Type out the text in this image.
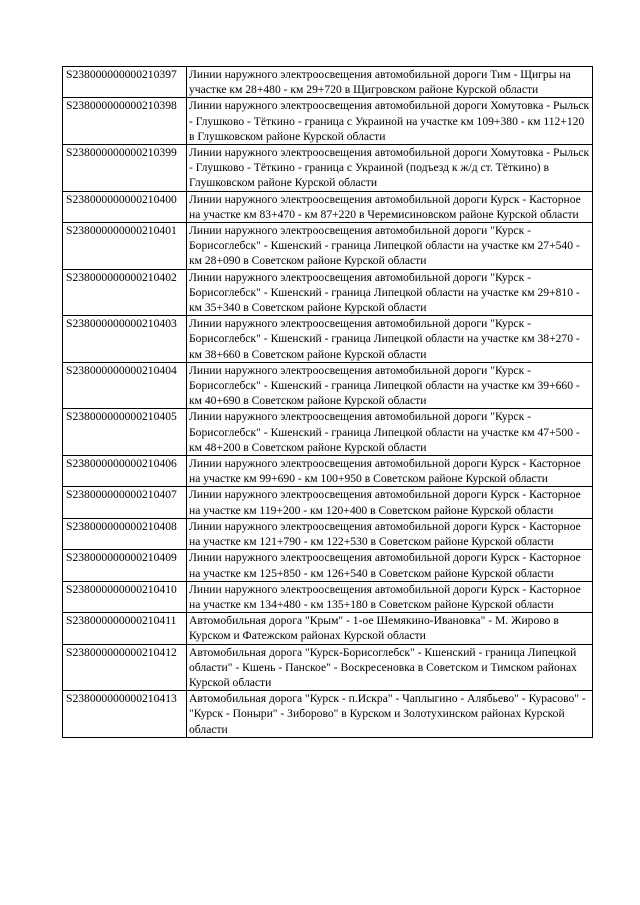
S238000000000210397	Линии наружного электроосвещения автомобильной дороги Тим - Щигры на участке км 28+480 - км 29+720 в Щигровском районе Курской области
S238000000000210398	Линии наружного электроосвещения автомобильной дороги Хомутовка - Рыльск - Глушково - Тёткино - граница с Украиной на участке км 109+380 - км 112+120 в Глушковском районе Курской области
S238000000000210399	Линии наружного электроосвещения автомобильной дороги Хомутовка - Рыльск - Глушково - Тёткино - граница с Украиной (подъезд к ж/д ст. Тёткино) в Глушковском районе Курской области
S238000000000210400	Линии наружного электроосвещения автомобильной дороги Курск - Касторное на участке км 83+470 - км 87+220 в Черемисиновском районе Курской области
S238000000000210401	Линии наружного электроосвещения автомобильной дороги "Курск - Борисоглебск" - Кшенский - граница Липецкой области на участке км 27+540 - км 28+090 в Советском районе Курской области
S238000000000210402	Линии наружного электроосвещения автомобильной дороги "Курск - Борисоглебск" - Кшенский - граница Липецкой области на участке км 29+810 - км 35+340 в Советском районе Курской области
S238000000000210403	Линии наружного электроосвещения автомобильной дороги "Курск - Борисоглебск" - Кшенский - граница Липецкой области на участке км 38+270 - км 38+660 в Советском районе Курской области
S238000000000210404	Линии наружного электроосвещения автомобильной дороги "Курск - Борисоглебск" - Кшенский - граница Липецкой области на участке км 39+660 - км 40+690 в Советском районе Курской области
S238000000000210405	Линии наружного электроосвещения автомобильной дороги "Курск - Борисоглебск" - Кшенский - граница Липецкой области на участке км 47+500 - км 48+200 в Советском районе Курской области
S238000000000210406	Линии наружного электроосвещения автомобильной дороги Курск - Касторное на участке км 99+690 - км 100+950 в Советском районе Курской области
S238000000000210407	Линии наружного электроосвещения автомобильной дороги Курск - Касторное на участке км 119+200 - км 120+400 в Советском районе Курской области
S238000000000210408	Линии наружного электроосвещения автомобильной дороги Курск - Касторное на участке км 121+790 - км 122+530 в Советском районе Курской области
S238000000000210409	Линии наружного электроосвещения автомобильной дороги Курск - Касторное на участке км 125+850 - км 126+540 в Советском районе Курской области
S238000000000210410	Линии наружного электроосвещения автомобильной дороги Курск - Касторное на участке км 134+480 - км 135+180 в Советском районе Курской области
S238000000000210411	Автомобильная дорога "Крым" - 1-ое Шемякино-Ивановка" - М. Жирово в Курском и Фатежском районах Курской области
S238000000000210412	Автомобильная дорога "Курск-Борисоглебск" - Кшенский - граница Липецкой области" - Кшень - Панское" - Воскресеновка в Советском и Тимском районах Курской области
S238000000000210413	Автомобильная дорога "Курск - п.Искра" - Чаплыгино - Алябьево" - Курасово" - "Курск - Поныри" - Зиборово" в Курском и Золотухинском районах Курской области
